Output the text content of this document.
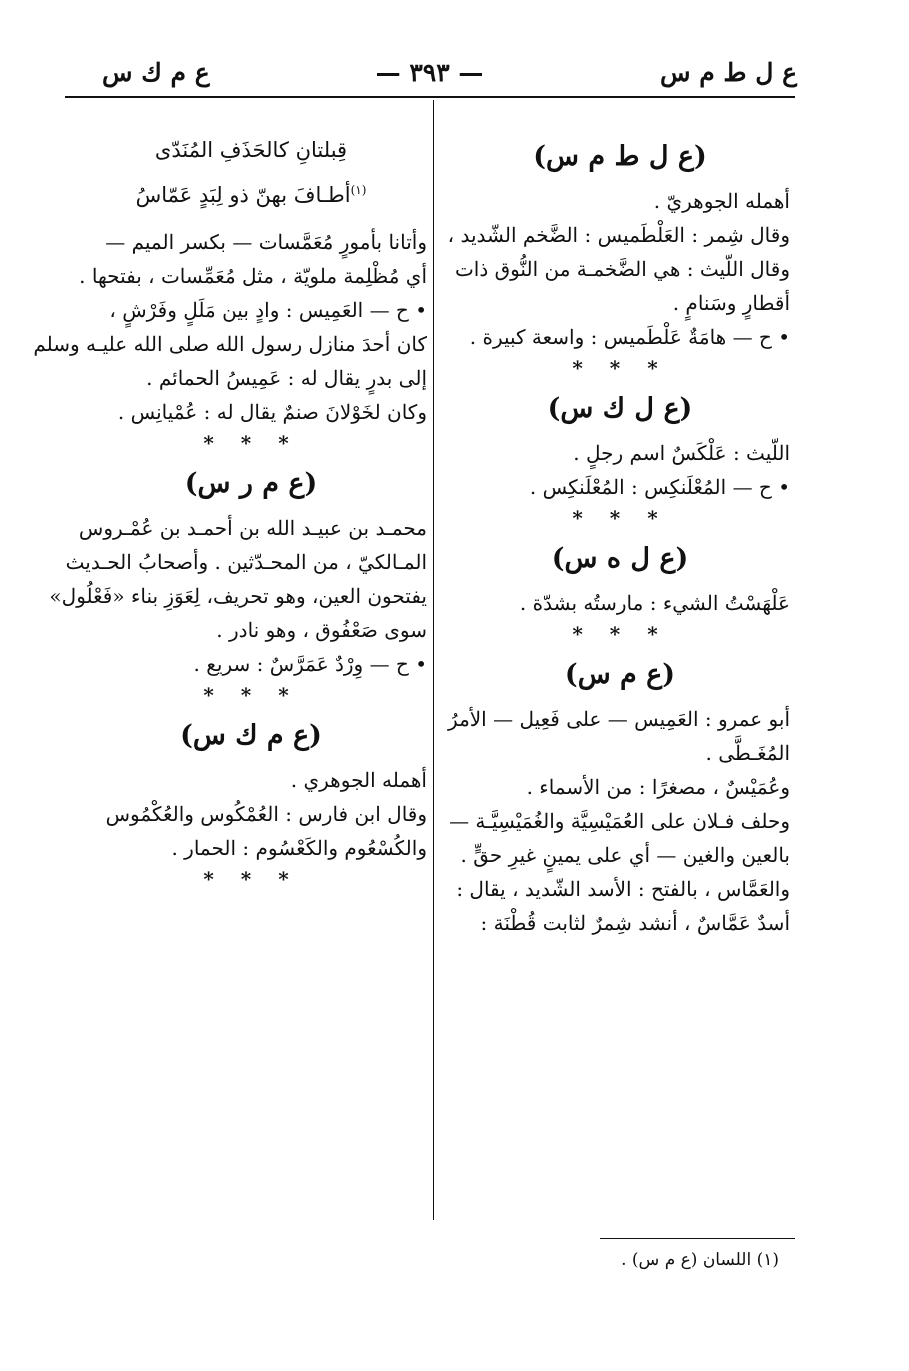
ع ل ط م س
— ٣٩٣ —
ع م ك س
(ع ل ط م س)
أهمله الجوهريّ .
وقال شِمر : العَلْطَميس : الضَّخم الشّديد ،
وقال اللّيث : هي الضَّخمـة من النُّوق ذات
أقطارٍ وسَنامٍ .
• ح — هامَةٌ عَلْطَميس : واسعة كبيرة .
* * *
(ع ل ك س)
اللّيث : عَلْكَسٌ اسم رجلٍ .
• ح — المُعْلَنكِس : المُعْلَنكِس .
* * *
(ع ل ه س)
عَلْهَسْتُ الشيء : مارستُه بشدّة .
* * *
(ع م س)
أبو عمرو : العَمِيس — على فَعِيل — الأمرُ
المُغَـطَّى .
وعُمَيْسٌ ، مصغرًا : من الأسماء .
وحلف فـلان على العُمَيْسِيَّة والغُمَيْسِيَّـة —
بالعين والغين — أي على يمينٍ غيرِ حقٍّ .
والعَمَّاس ، بالفتح : الأسد الشّديد ، يقال :
أسدٌ عَمَّاسٌ ، أنشد شِمرٌ لثابت قُطْنَة :
قِبلتانِ كالحَذَفِ المُنَدّى
$^{(١)}$أطـافَ بهنّ ذو لِبَدٍ عَمّاسُ
وأتانا بأمورٍ مُعَمَّسات — بكسر الميم —
أي مُظْلِمة ملويّة ، مثل مُعَمِّسات ، بفتحها .
• ح — العَمِيس : وادٍ بين مَلَلٍ وفَرْشٍ ،
كان أحدَ منازل رسول الله صلى الله عليـه وسلم
إلى بدرٍ يقال له : عَمِيسُ الحمائم .
وكان لخَوْلانَ صنمٌ يقال له : عُمْيانِس .
* * *
(ع م ر س)
محمـد بن عبيـد الله بن أحمـد بن عُمْـروس
المـالكيّ ، من المحـدّثين . وأصحابُ الحـديث
يفتحون العين، وهو تحريف، لِعَوَزِ بناء «فَعْلُول»
سوى صَعْفُوق ، وهو نادر .
• ح — وِرْدٌ عَمَرَّسٌ : سريع .
* * *
(ع م ك س)
أهمله الجوهري .
وقال ابن فارس : العُمْكُوس والعُكْمُوس
والكُسْعُوم والكَعْسُوم : الحمار .
* * *
(١) اللسان (ع م س) .
